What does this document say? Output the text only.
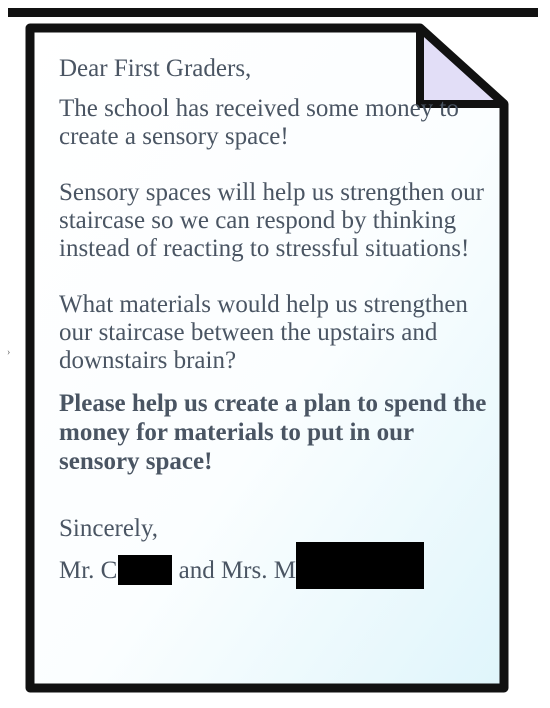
›

Dear First Graders,

The school has received some money to create a sensory space!

Sensory spaces will help us strengthen our staircase so we can respond by thinking instead of reacting to stressful situations!

What materials would help us strengthen our staircase between the upstairs and downstairs brain?

Please help us create a plan to spend the money for materials to put in our sensory space!

Sincerely,

Mr. C and Mrs. M
